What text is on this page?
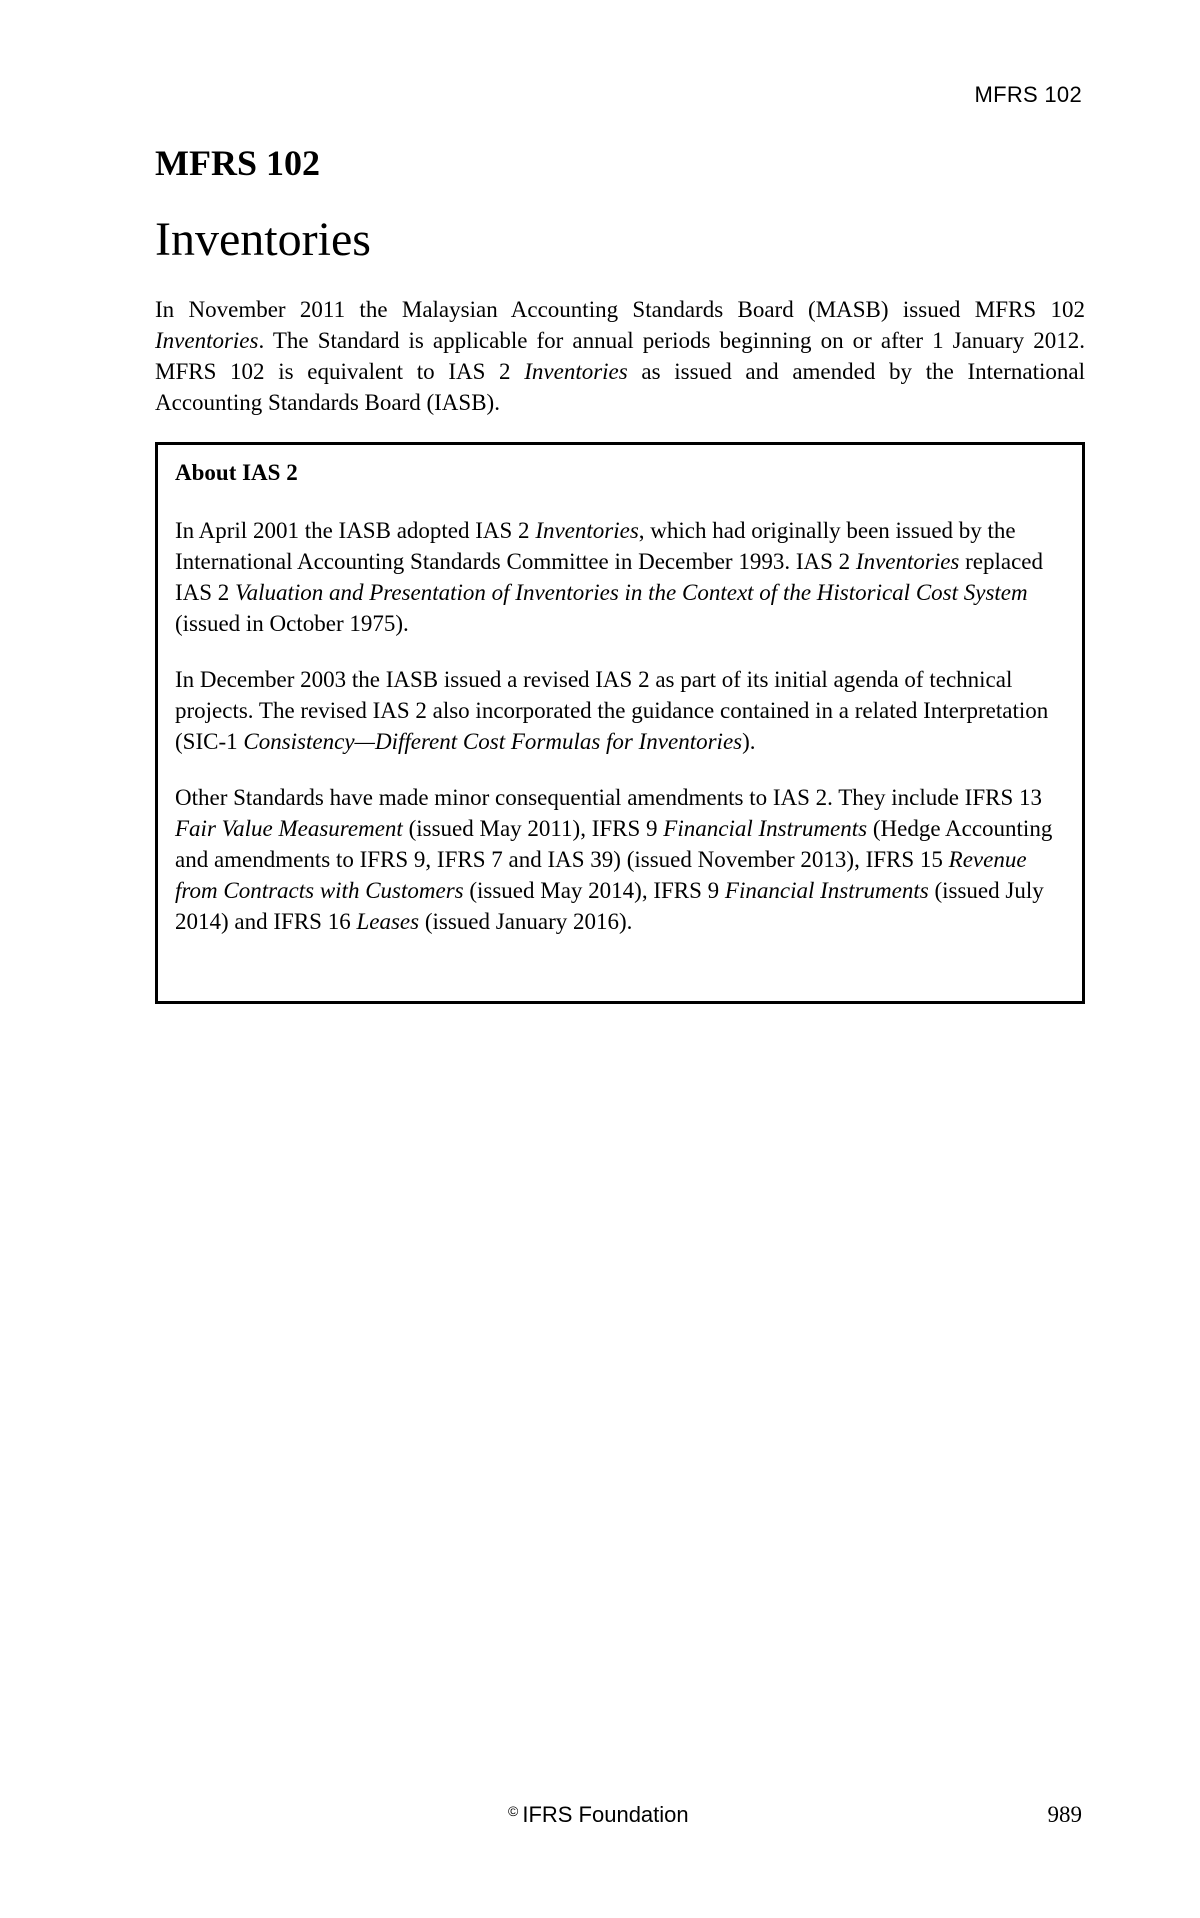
MFRS 102
MFRS 102
Inventories

In November 2011 the Malaysian Accounting Standards Board (MASB) issued MFRS 102 Inventories. The Standard is applicable for annual periods beginning on or after 1 January 2012. MFRS 102 is equivalent to IAS 2 Inventories as issued and amended by the International Accounting Standards Board (IASB).

About IAS 2

In April 2001 the IASB adopted IAS 2 Inventories, which had originally been issued by the International Accounting Standards Committee in December 1993. IAS 2 Inventories replaced IAS 2 Valuation and Presentation of Inventories in the Context of the Historical Cost System (issued in October 1975).

In December 2003 the IASB issued a revised IAS 2 as part of its initial agenda of technical projects. The revised IAS 2 also incorporated the guidance contained in a related Interpretation (SIC-1 Consistency—Different Cost Formulas for Inventories).

Other Standards have made minor consequential amendments to IAS 2. They include IFRS 13 Fair Value Measurement (issued May 2011), IFRS 9 Financial Instruments (Hedge Accounting and amendments to IFRS 9, IFRS 7 and IAS 39) (issued November 2013), IFRS 15 Revenue from Contracts with Customers (issued May 2014), IFRS 9 Financial Instruments (issued July 2014) and IFRS 16 Leases (issued January 2016).

© IFRS Foundation	989
